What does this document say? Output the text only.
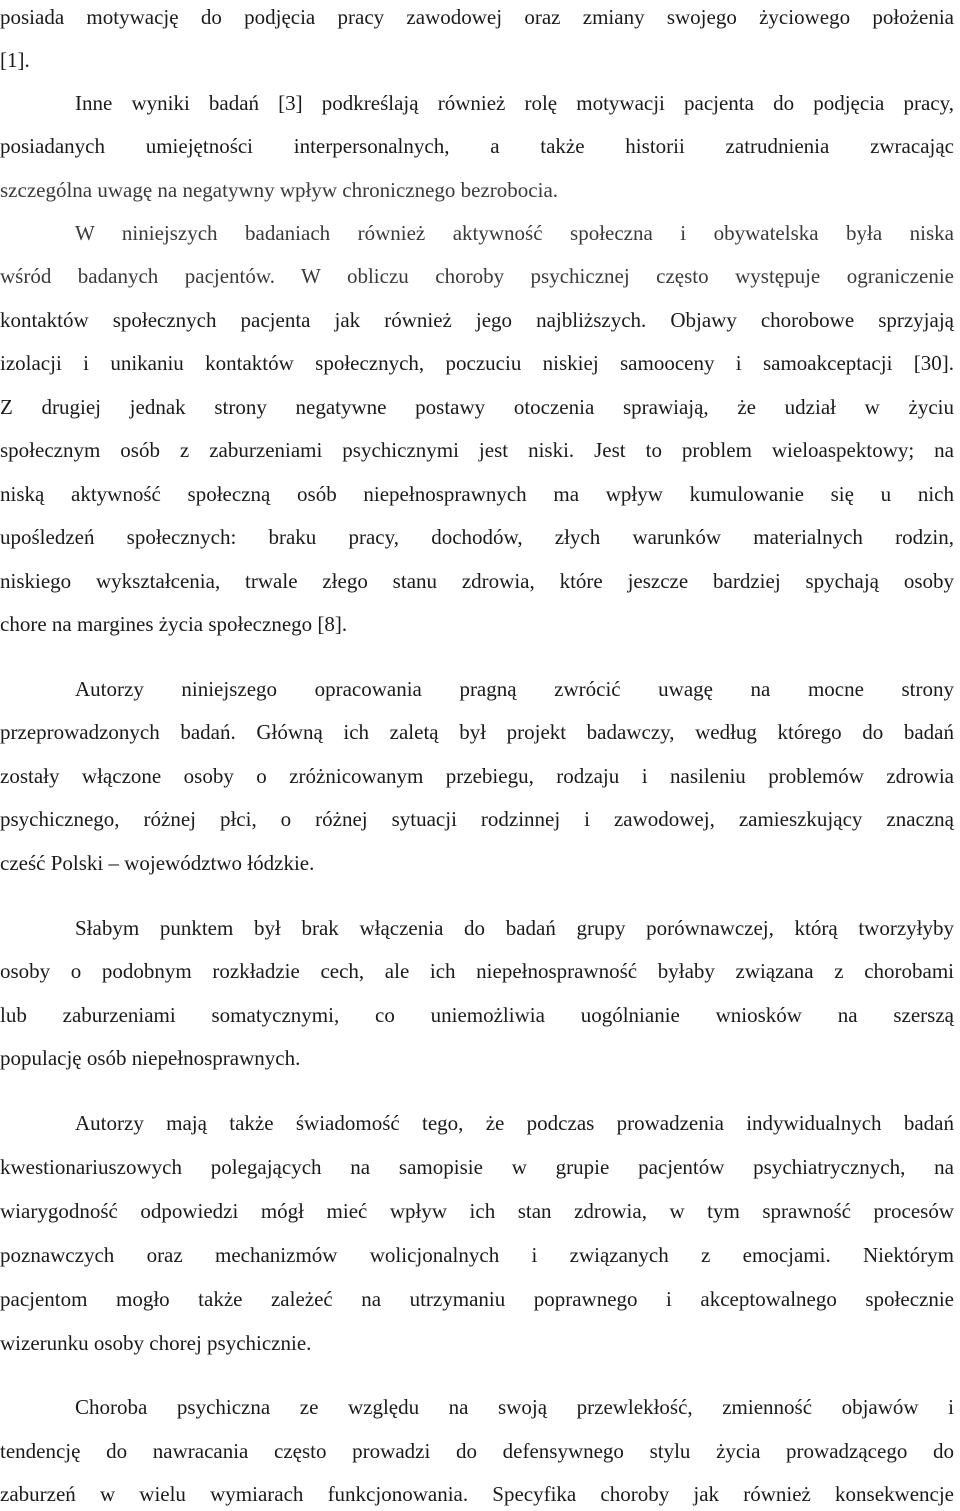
posiada motywację do podjęcia pracy zawodowej oraz zmiany swojego życiowego położenia
[1].
Inne wyniki badań [3] podkreślają również rolę motywacji pacjenta do podjęcia pracy,
posiadanych umiejętności interpersonalnych, a także historii zatrudnienia zwracając
szczególna uwagę na negatywny wpływ chronicznego bezrobocia.
W niniejszych badaniach również aktywność społeczna i obywatelska była niska
wśród badanych pacjentów. W obliczu choroby psychicznej często występuje ograniczenie
kontaktów społecznych pacjenta jak również jego najbliższych. Objawy chorobowe sprzyjają
izolacji i unikaniu kontaktów społecznych, poczuciu niskiej samooceny i samoakceptacji [30].
Z drugiej jednak strony negatywne postawy otoczenia sprawiają, że udział w życiu
społecznym osób z zaburzeniami psychicznymi jest niski. Jest to problem wieloaspektowy; na
niską aktywność społeczną osób niepełnosprawnych ma wpływ kumulowanie się u nich
upośledzeń społecznych: braku pracy, dochodów, złych warunków materialnych rodzin,
niskiego wykształcenia, trwale złego stanu zdrowia, które jeszcze bardziej spychają osoby
chore na margines życia społecznego [8].
Autorzy niniejszego opracowania pragną zwrócić uwagę na mocne strony
przeprowadzonych badań. Główną ich zaletą był projekt badawczy, według którego do badań
zostały włączone osoby o zróżnicowanym przebiegu, rodzaju i nasileniu problemów zdrowia
psychicznego, różnej płci, o różnej sytuacji rodzinnej i zawodowej, zamieszkujący znaczną
cześć Polski – województwo łódzkie.
Słabym punktem był brak włączenia do badań grupy porównawczej, którą tworzyłyby
osoby o podobnym rozkładzie cech, ale ich niepełnosprawność byłaby związana z chorobami
lub zaburzeniami somatycznymi, co uniemożliwia uogólnianie wniosków na szerszą
populację osób niepełnosprawnych.
Autorzy mają także świadomość tego, że podczas prowadzenia indywidualnych badań
kwestionariuszowych polegających na samopisie w grupie pacjentów psychiatrycznych, na
wiarygodność odpowiedzi mógł mieć wpływ ich stan zdrowia, w tym sprawność procesów
poznawczych oraz mechanizmów wolicjonalnych i związanych z emocjami. Niektórym
pacjentom mogło także zależeć na utrzymaniu poprawnego i akceptowalnego społecznie
wizerunku osoby chorej psychicznie.
Choroba psychiczna ze względu na swoją przewlekłość, zmienność objawów i
tendencję do nawracania często prowadzi do defensywnego stylu życia prowadzącego do
zaburzeń w wielu wymiarach funkcjonowania. Specyfika choroby jak również konsekwencje
